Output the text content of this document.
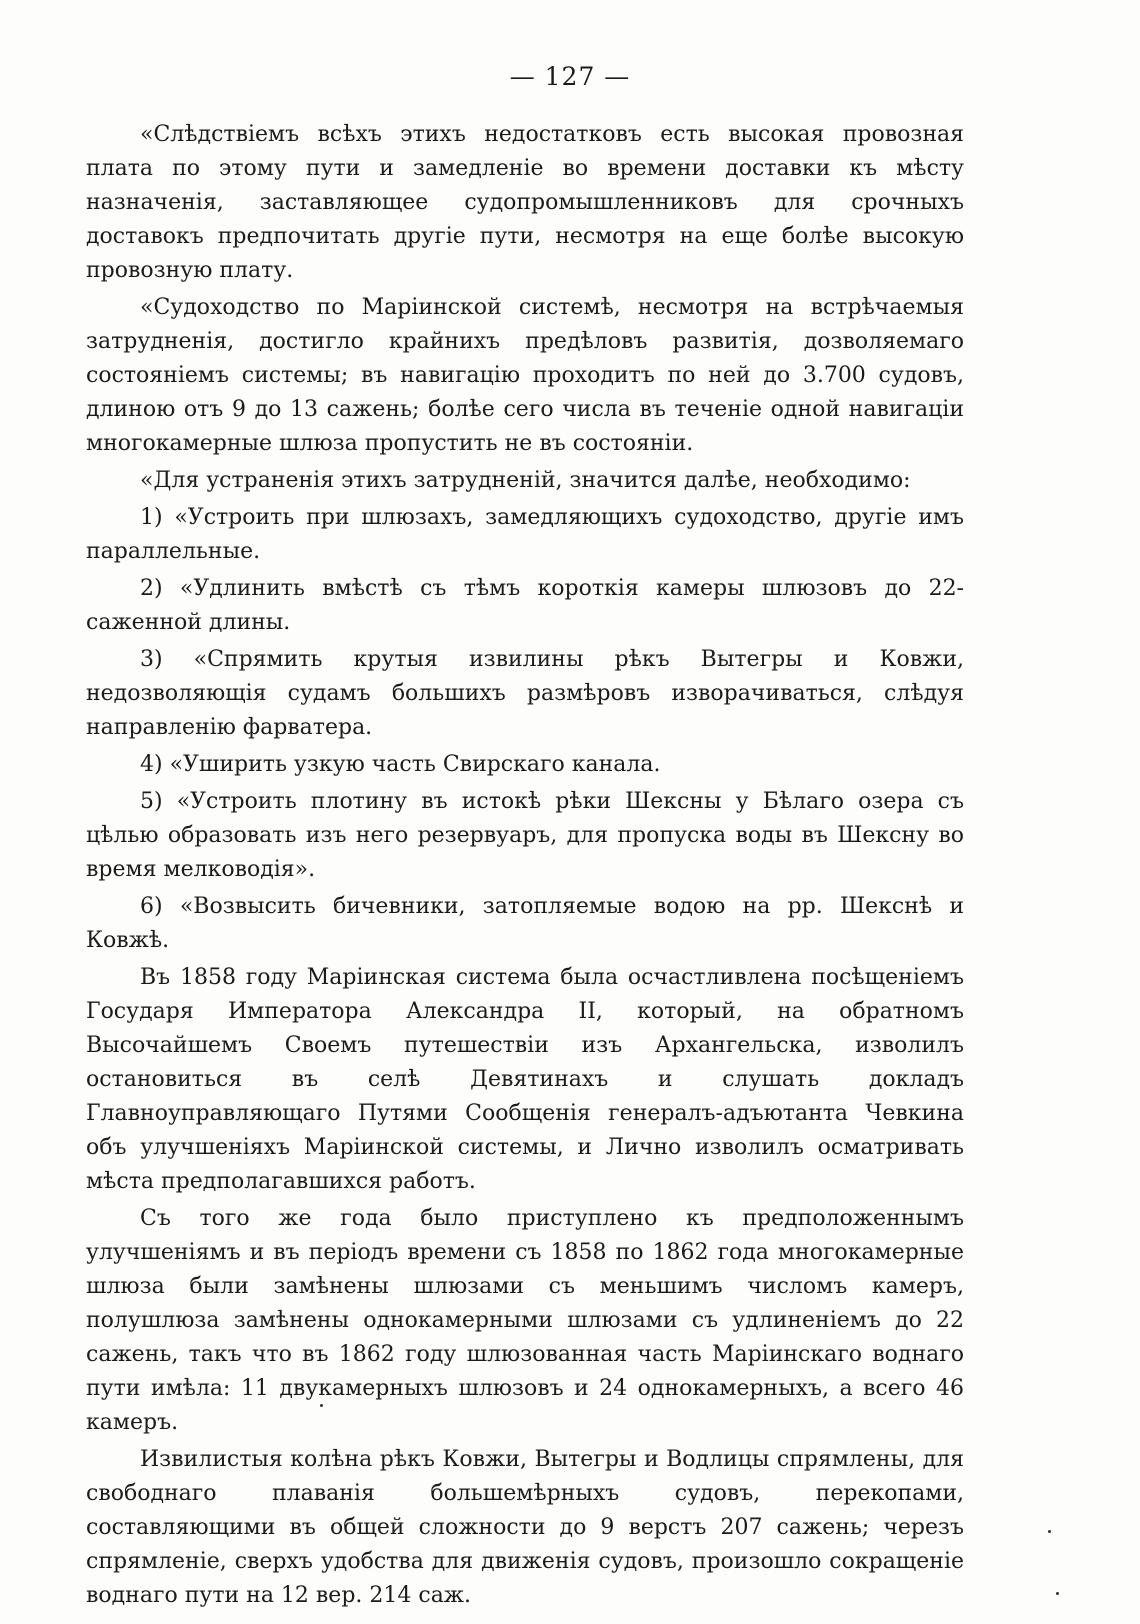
— 127 —

«Слѣдствіемъ всѣхъ этихъ недостатковъ есть высокая провозная плата по этому пути и замедленіе во времени доставки къ мѣсту назначенія, заставляющее судопромышленниковъ для срочныхъ доставокъ предпочитать другіе пути, несмотря на еще болѣе высокую провозную плату.

«Судоходство по Маріинской системѣ, несмотря на встрѣчаемыя затрудненія, достигло крайнихъ предѣловъ развитія, дозволяемаго состояніемъ системы; въ навигацію проходитъ по ней до 3.700 судовъ, длиною отъ 9 до 13 сажень; болѣе сего числа въ теченіе одной навигаціи многокамерные шлюза пропустить не въ состояніи.

«Для устраненія этихъ затрудненій, значится далѣе, необходимо:

1) «Устроить при шлюзахъ, замедляющихъ судоходство, другіе имъ параллельные.

2) «Удлинить вмѣстѣ съ тѣмъ короткія камеры шлюзовъ до 22-саженной длины.

3) «Спрямить крутыя извилины рѣкъ Вытегры и Ковжи, недозволяющія судамъ большихъ размѣровъ изворачиваться, слѣдуя направленію фарватера.

4) «Уширить узкую часть Свирскаго канала.

5) «Устроить плотину въ истокѣ рѣки Шексны у Бѣлаго озера съ цѣлью образовать изъ него резервуаръ, для пропуска воды въ Шексну во время мелководія».

6) «Возвысить бичевники, затопляемые водою на рр. Шекснѣ и Ковжѣ.

Въ 1858 году Маріинская система была осчастливлена посѣщеніемъ Государя Императора Александра II, который, на обратномъ Высочайшемъ Своемъ путешествіи изъ Архангельска, изволилъ остановиться въ селѣ Девятинахъ и слушать докладъ Главноуправляющаго Путями Сообщенія генералъ-адъютанта Чевкина объ улучшеніяхъ Маріинской системы, и Лично изволилъ осматривать мѣста предполагавшихся работъ.

Съ того же года было приступлено къ предположеннымъ улучшеніямъ и въ періодъ времени съ 1858 по 1862 года многокамерные шлюза были замѣнены шлюзами съ меньшимъ числомъ камеръ, полушлюза замѣнены однокамерными шлюзами съ удлиненіемъ до 22 сажень, такъ что въ 1862 году шлюзованная часть Маріинскаго воднаго пути имѣла: 11 двукамерныхъ шлюзовъ и 24 однокамерныхъ, а всего 46 камеръ.

Извилистыя колѣна рѣкъ Ковжи, Вытегры и Водлицы спрямлены, для свободнаго плаванія большемѣрныхъ судовъ, перекопами, составляющими въ общей сложности до 9 верстъ 207 сажень; черезъ спрямленіе, сверхъ удобства для движенія судовъ, произошло сокращеніе воднаго пути на 12 вер. 214 саж.
